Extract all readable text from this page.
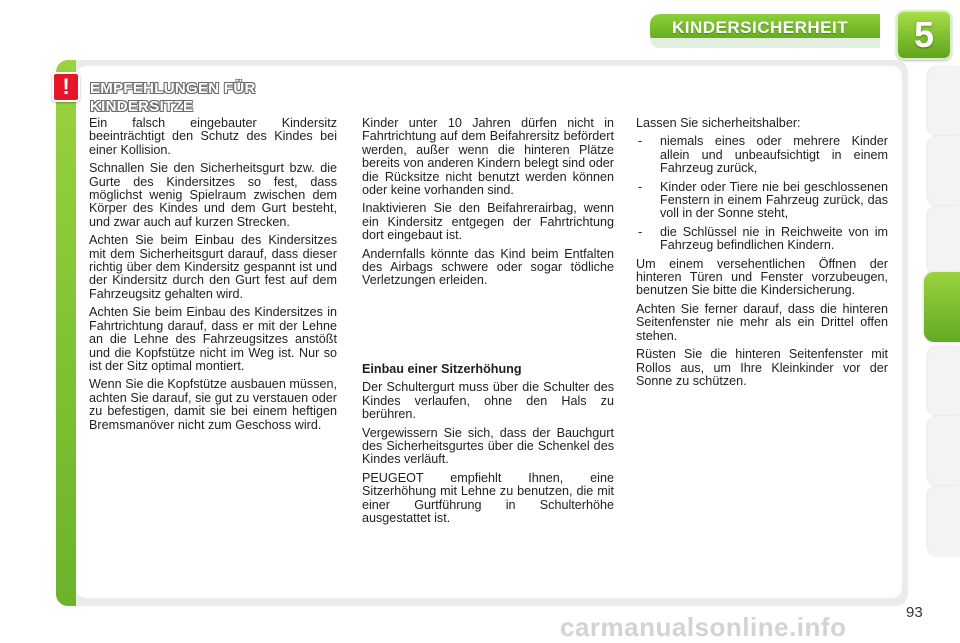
KINDERSICHERHEIT	5
!	EMPFEHLUNGEN FÜR
KINDERSITZE

Ein falsch eingebauter Kindersitz beeinträchtigt den Schutz des Kindes bei einer Kollision.

Schnallen Sie den Sicherheitsgurt bzw. die Gurte des Kindersitzes so fest, dass möglichst wenig Spielraum zwischen dem Körper des Kindes und dem Gurt besteht, und zwar auch auf kurzen Strecken.

Achten Sie beim Einbau des Kindersitzes mit dem Sicherheitsgurt darauf, dass dieser richtig über dem Kindersitz gespannt ist und der Kindersitz durch den Gurt fest auf dem Fahrzeugsitz gehalten wird.

Achten Sie beim Einbau des Kindersitzes in Fahrtrichtung darauf, dass er mit der Lehne an die Lehne des Fahrzeugsitzes anstößt und die Kopfstütze nicht im Weg ist. Nur so ist der Sitz optimal montiert.

Wenn Sie die Kopfstütze ausbauen müssen, achten Sie darauf, sie gut zu verstauen oder zu befestigen, damit sie bei einem heftigen Bremsmanöver nicht zum Geschoss wird.

Kinder unter 10 Jahren dürfen nicht in Fahrtrichtung auf dem Beifahrersitz befördert werden, außer wenn die hinteren Plätze bereits von anderen Kindern belegt sind oder die Rücksitze nicht benutzt werden können oder keine vorhanden sind.

Inaktivieren Sie den Beifahrerairbag, wenn ein Kindersitz entgegen der Fahrtrichtung dort eingebaut ist.

Andernfalls könnte das Kind beim Entfalten des Airbags schwere oder sogar tödliche Verletzungen erleiden.

Einbau einer Sitzerhöhung

Der Schultergurt muss über die Schulter des Kindes verlaufen, ohne den Hals zu berühren.

Vergewissern Sie sich, dass der Bauchgurt des Sicherheitsgurtes über die Schenkel des Kindes verläuft.

PEUGEOT empfiehlt Ihnen, eine Sitzerhöhung mit Lehne zu benutzen, die mit einer Gurtführung in Schulterhöhe ausgestattet ist.

Lassen Sie sicherheitshalber:

- niemals eines oder mehrere Kinder allein und unbeaufsichtigt in einem Fahrzeug zurück,
- Kinder oder Tiere nie bei geschlossenen Fenstern in einem Fahrzeug zurück, das voll in der Sonne steht,
- die Schlüssel nie in Reichweite von im Fahrzeug befindlichen Kindern.

Um einem versehentlichen Öffnen der hinteren Türen und Fenster vorzubeugen, benutzen Sie bitte die Kindersicherung.

Achten Sie ferner darauf, dass die hinteren Seitenfenster nie mehr als ein Drittel offen stehen.

Rüsten Sie die hinteren Seitenfenster mit Rollos aus, um Ihre Kleinkinder vor der Sonne zu schützen.

carmanualsonline.info	93
